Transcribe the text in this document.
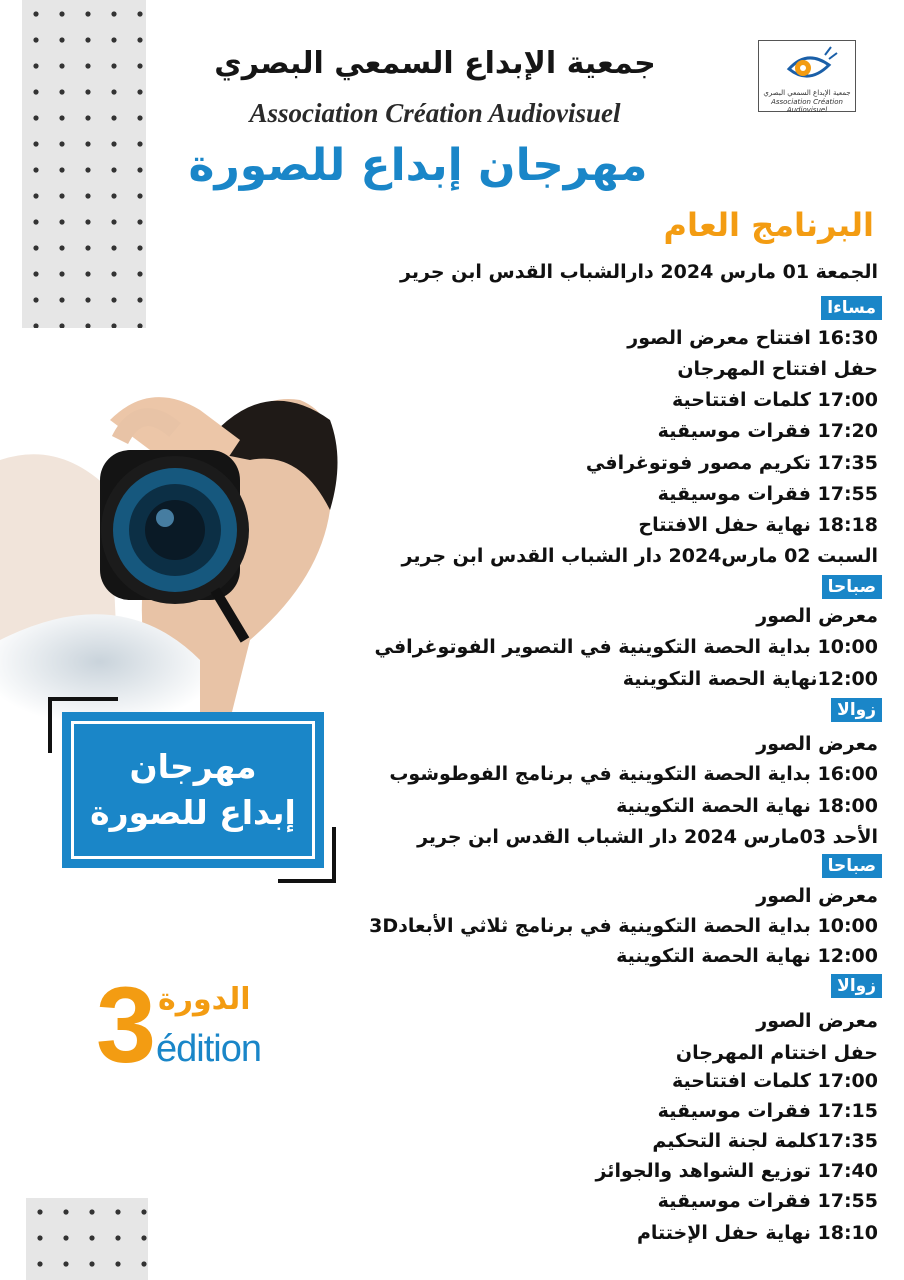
جمعية الإبداع السمعي البصري
Association Création Audiovisuel
جمعية الإبداع السمعي البصري
Association Création Audiovisuel
مهرجان إبداع للصورة
البرنامج العام
مهرجان
إبداع للصورة
3 الدورة
édition
الجمعة 01 مارس 2024 دارالشباب القدس ابن جرير
مساءا
16:30 افتتاح معرض الصور
حفل افتتاح المهرجان
17:00 كلمات افتتاحية
17:20 فقرات موسيقية
17:35 تكريم مصور فوتوغرافي
17:55 فقرات موسيقية
18:18 نهاية حفل الافتتاح
السبت 02 مارس2024 دار الشباب القدس ابن جرير
صباحا
معرض الصور
10:00 بداية الحصة التكوينية في التصوير الفوتوغرافي
12:00نهاية الحصة التكوينية
زوالا
معرض الصور
16:00 بداية الحصة التكوينية في برنامج الفوطوشوب
18:00 نهاية الحصة التكوينية
الأحد 03مارس 2024 دار الشباب القدس ابن جرير
صباحا
معرض الصور
10:00 بداية الحصة التكوينية في برنامج ثلاثي الأبعاد3D
12:00 نهاية الحصة التكوينية
زوالا
معرض الصور
حفل اختتام المهرجان
17:00 كلمات افتتاحية
17:15 فقرات موسيقية
17:35كلمة لجنة التحكيم
17:40 توزيع الشواهد والجوائز
17:55 فقرات موسيقية
18:10 نهاية حفل الإختتام
